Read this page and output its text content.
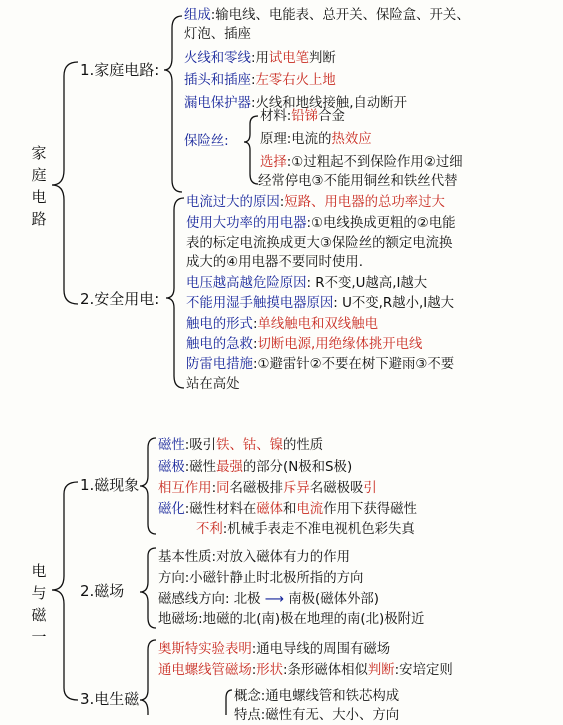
家
庭
电
路
1.家庭电路:
2.安全用电:
组成:输电线、电能表、总开关、保险盒、开关、
灯泡、插座
火线和零线:用试电笔判断
插头和插座:左零右火上地
漏电保护器:火线和地线接触,自动断开
材料:铅锑合金
保险丝: 原理:电流的热效应
选择:①过粗起不到保险作用②过细
经常停电③不能用铜丝和铁丝代替
电流过大的原因:短路、用电器的总功率过大
使用大功率的用电器:①电线换成更粗的②电能
表的标定电流换成更大③保险丝的额定电流换
成大的④用电器不要同时使用.
电压越高越危险原因: R不变,U越高,I越大
不能用湿手触摸电器原因: U不变,R越小,I越大
触电的形式:单线触电和双线触电
触电的急救:切断电源,用绝缘体挑开电线
防雷电措施:①避雷针②不要在树下避雨③不要
站在高处
电
与
磁
一
1.磁现象
2.磁场
3.电生磁
磁性:吸引铁、钴、镍的性质
磁极:磁性最强的部分(N极和S极)
相互作用:同名磁极排斥异名磁极吸引
磁化:磁性材料在磁体和电流作用下获得磁性
不利:机械手表走不准电视机色彩失真
基本性质:对放入磁体有力的作用
方向:小磁针静止时北极所指的方向
磁感线方向: 北极 ⟶ 南极(磁体外部)
地磁场:地磁的北(南)极在地理的南(北)极附近
奥斯特实验表明:通电导线的周围有磁场
通电螺线管磁场:形状:条形磁体相似判断:安培定则
概念:通电螺线管和铁芯构成
特点:磁性有无、大小、方向
